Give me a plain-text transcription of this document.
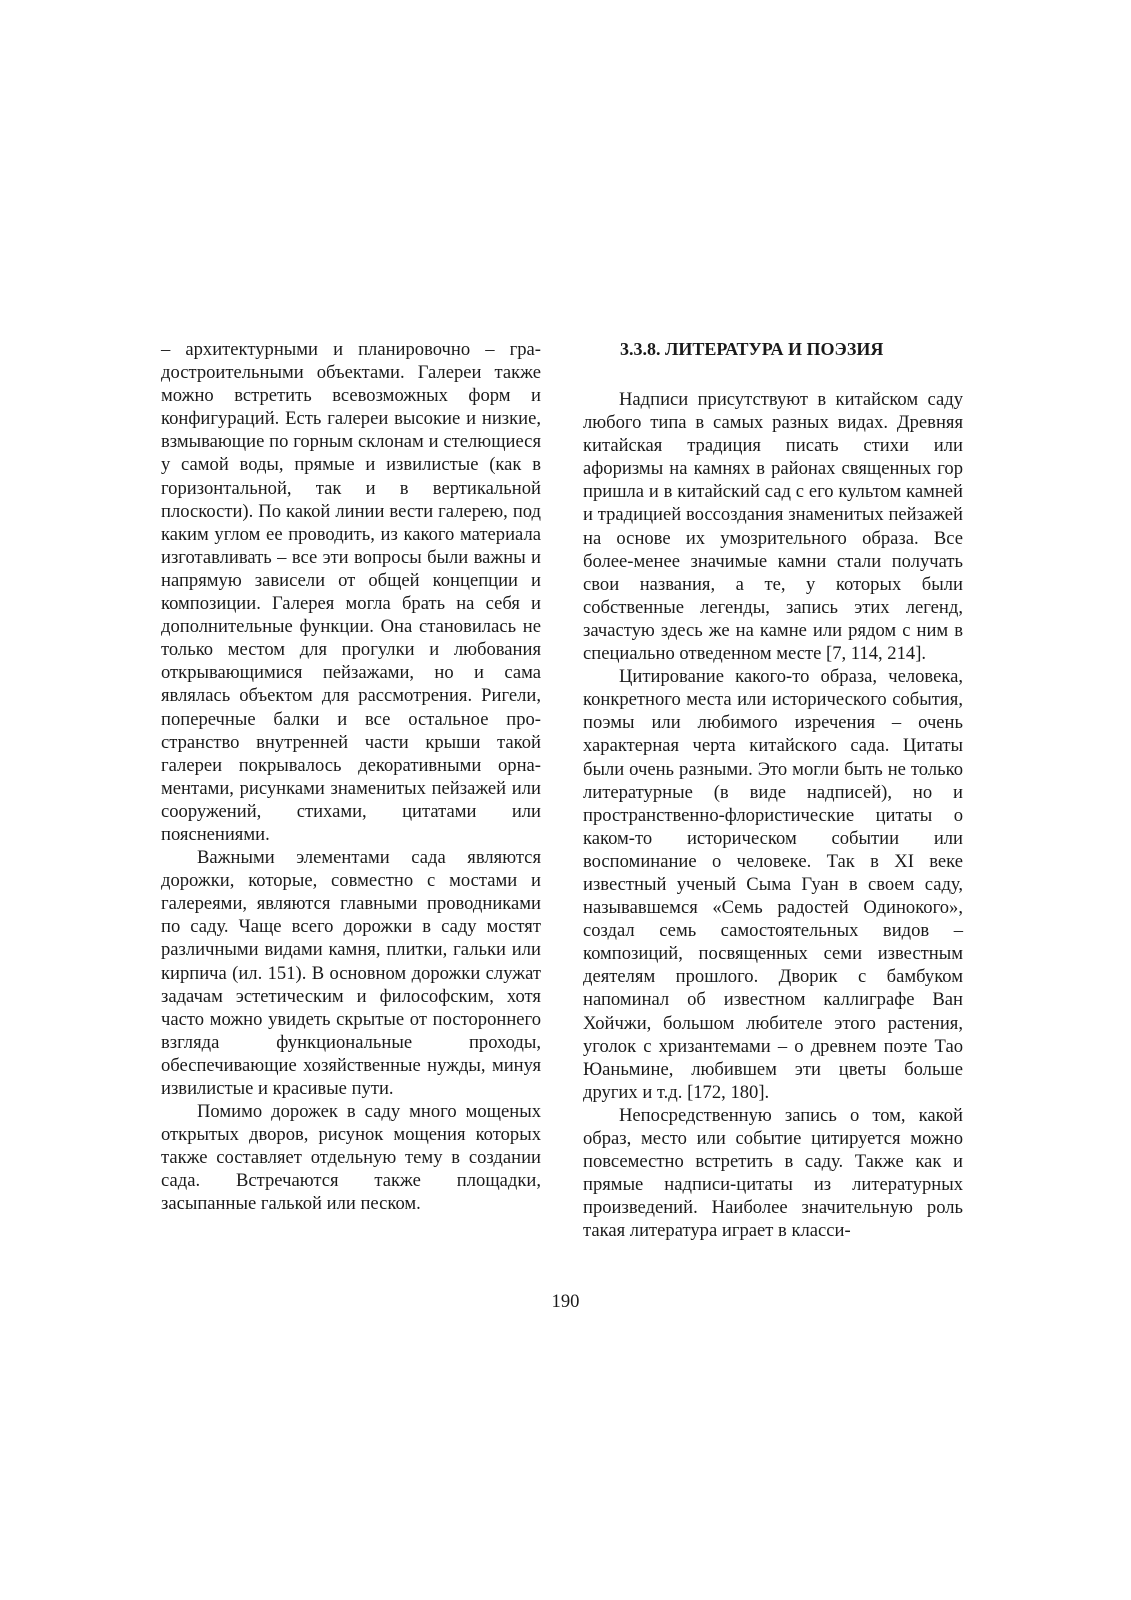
– архитектурными и планировочно – градостроительными объектами. Галереи также можно встретить всевозможных форм и конфигураций. Есть галереи высокие и низкие, взмывающие по горным склонам и стелющиеся у самой воды, прямые и извилистые (как в горизонтальной, так и в вертикальной плоскости). По какой линии вести галерею, под каким углом ее проводить, из какого материала изготавливать – все эти вопросы были важны и напрямую зависели от общей концепции и композиции. Галерея могла брать на себя и дополнительные функции. Она становилась не только местом для прогулки и любования открывающимися пейзажами, но и сама являлась объектом для рассмотрения. Ригели, поперечные балки и все остальное пространство внутренней части крыши такой галереи покрывалось декоративными орнаментами, рисунками знаменитых пейзажей или сооружений, стихами, цитатами или пояснениями.

Важными элементами сада являются дорожки, которые, совместно с мостами и галереями, являются главными проводниками по саду. Чаще всего дорожки в саду мостят различными видами камня, плитки, гальки или кирпича (ил. 151). В основном дорожки служат задачам эстетическим и философским, хотя часто можно увидеть скрытые от постороннего взгляда функциональные проходы, обеспечивающие хозяйственные нужды, минуя извилистые и красивые пути.

Помимо дорожек в саду много мощеных открытых дворов, рисунок мощения которых также составляет отдельную тему в создании сада. Встречаются также площадки, засыпанные галькой или песком.

3.3.8. ЛИТЕРАТУРА И ПОЭЗИЯ

Надписи присутствуют в китайском саду любого типа в самых разных видах. Древняя китайская традиция писать стихи или афоризмы на камнях в районах священных гор пришла и в китайский сад с его культом камней и традицией воссоздания знаменитых пейзажей на основе их умозрительного образа. Все более-менее значимые камни стали получать свои названия, а те, у которых были собственные легенды, запись этих легенд, зачастую здесь же на камне или рядом с ним в специально отведенном месте [7, 114, 214].

Цитирование какого-то образа, человека, конкретного места или исторического события, поэмы или любимого изречения – очень характерная черта китайского сада. Цитаты были очень разными. Это могли быть не только литературные (в виде надписей), но и пространственно-флористические цитаты о каком-то историческом событии или воспоминание о человеке. Так в XI веке известный ученый Сыма Гуан в своем саду, называвшемся «Семь радостей Одинокого», создал семь самостоятельных видов – композиций, посвященных семи известным деятелям прошлого. Дворик с бамбуком напоминал об известном каллиграфе Ван Хойчжи, большом любителе этого растения, уголок с хризантемами – о древнем поэте Тао Юаньмине, любившем эти цветы больше других и т.д. [172, 180].

Непосредственную запись о том, какой образ, место или событие цитируется можно повсеместно встретить в саду. Также как и прямые надписи-цитаты из литературных произведений. Наиболее значительную роль такая литература играет в класси-

190
